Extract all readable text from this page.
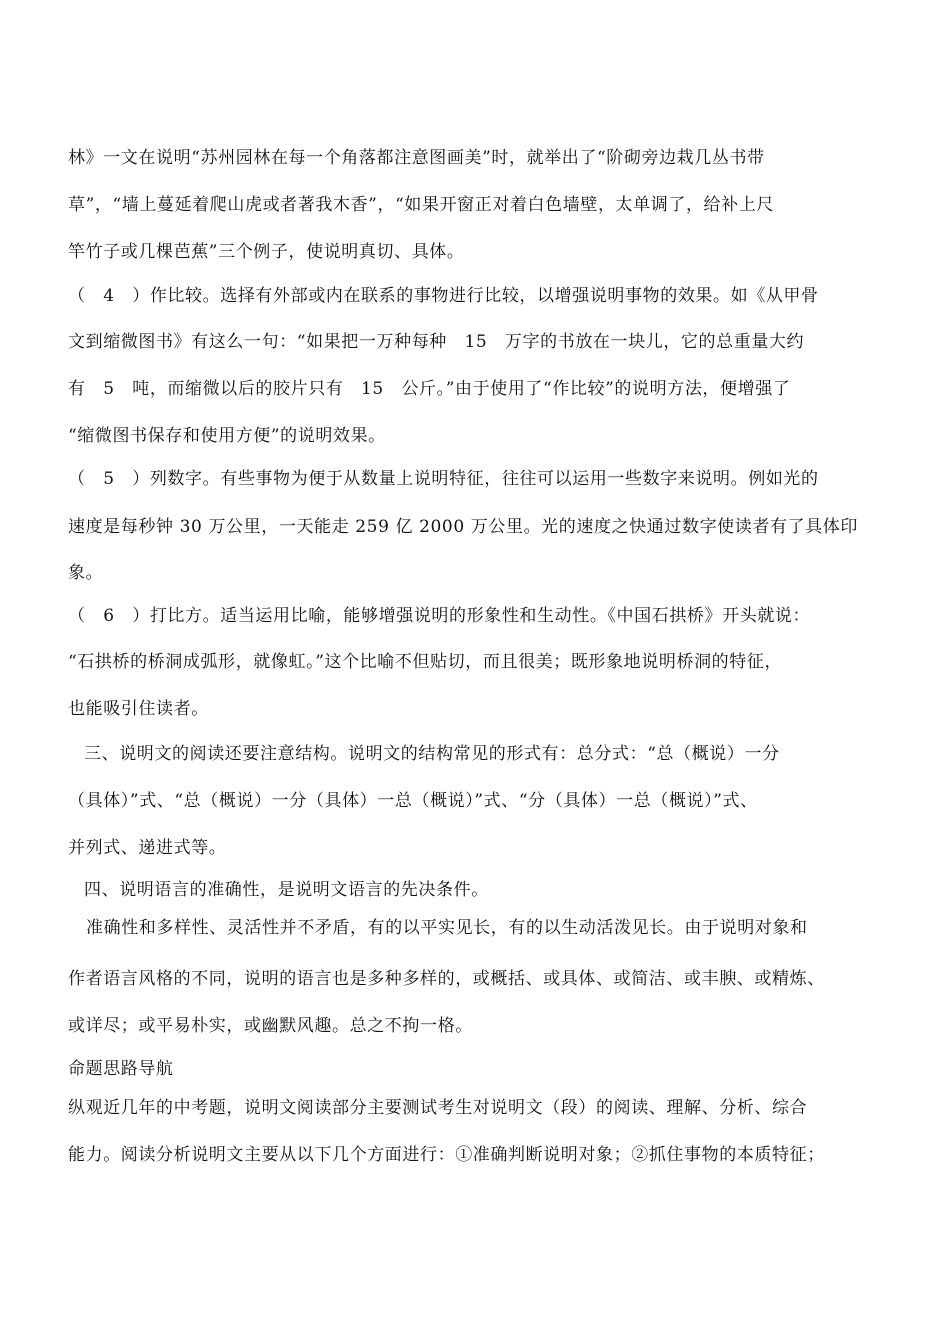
林》一文在说明“苏州园林在每一个角落都注意图画美”时，就举出了“阶砌旁边栽几丛书带
草”，“墙上蔓延着爬山虎或者著我木香”，“如果开窗正对着白色墙壁，太单调了，给补上尺
竿竹子或几棵芭蕉”三个例子，使说明真切、具体。
（　4　）作比较。选择有外部或内在联系的事物进行比较，以增强说明事物的效果。如《从甲骨
文到缩微图书》有这么一句：“如果把一万种每种　15　万字的书放在一块儿，它的总重量大约
有　5　吨，而缩微以后的胶片只有　15　公斤。”由于使用了“作比较”的说明方法，便增强了
“缩微图书保存和使用方便”的说明效果。
（　5　）列数字。有些事物为便于从数量上说明特征，往往可以运用一些数字来说明。例如光的
速度是每秒钟 30 万公里，一天能走 259 亿 2000 万公里。光的速度之快通过数字使读者有了具体印
象。
（　6　）打比方。适当运用比喻，能够增强说明的形象性和生动性。《中国石拱桥》开头就说：
“石拱桥的桥洞成弧形，就像虹。”这个比喻不但贴切，而且很美；既形象地说明桥洞的特征，
也能吸引住读者。
三、说明文的阅读还要注意结构。说明文的结构常见的形式有：总分式：“总（概说）一分
（具体）”式、“总（概说）一分（具体）一总（概说）”式、“分（具体）一总（概说）”式、
并列式、递进式等。
四、说明语言的准确性，是说明文语言的先决条件。
准确性和多样性、灵活性并不矛盾，有的以平实见长，有的以生动活泼见长。由于说明对象和
作者语言风格的不同，说明的语言也是多种多样的，或概括、或具体、或简洁、或丰腴、或精炼、
或详尽；或平易朴实，或幽默风趣。总之不拘一格。
命题思路导航
纵观近几年的中考题，说明文阅读部分主要测试考生对说明文（段）的阅读、理解、分析、综合
能力。阅读分析说明文主要从以下几个方面进行：①准确判断说明对象；②抓住事物的本质特征；
